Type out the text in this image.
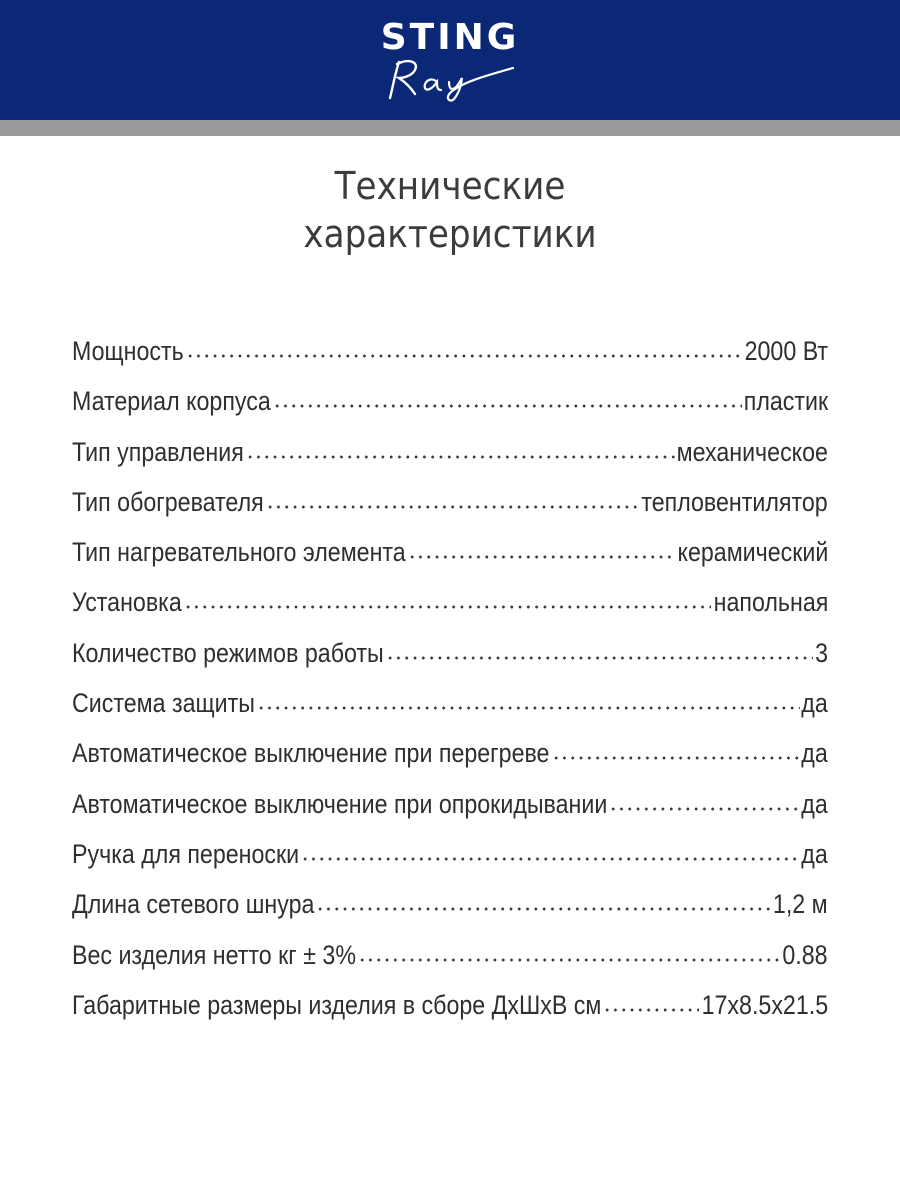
STING
Технические
характеристики
Мощность	2000 Вт
Материал корпуса	пластик
Тип управления	механическое
Тип обогревателя	тепловентилятор
Тип нагревательного элемента	керамический
Установка	напольная
Количество режимов работы	3
Система защиты	да
Автоматическое выключение при перегреве	да
Автоматическое выключение при опрокидывании	да
Ручка для переноски	да
Длина сетевого шнура	1,2 м
Вес изделия нетто кг ± 3%	0.88
Габаритные размеры изделия в сборе ДхШхВ см	17x8.5x21.5
